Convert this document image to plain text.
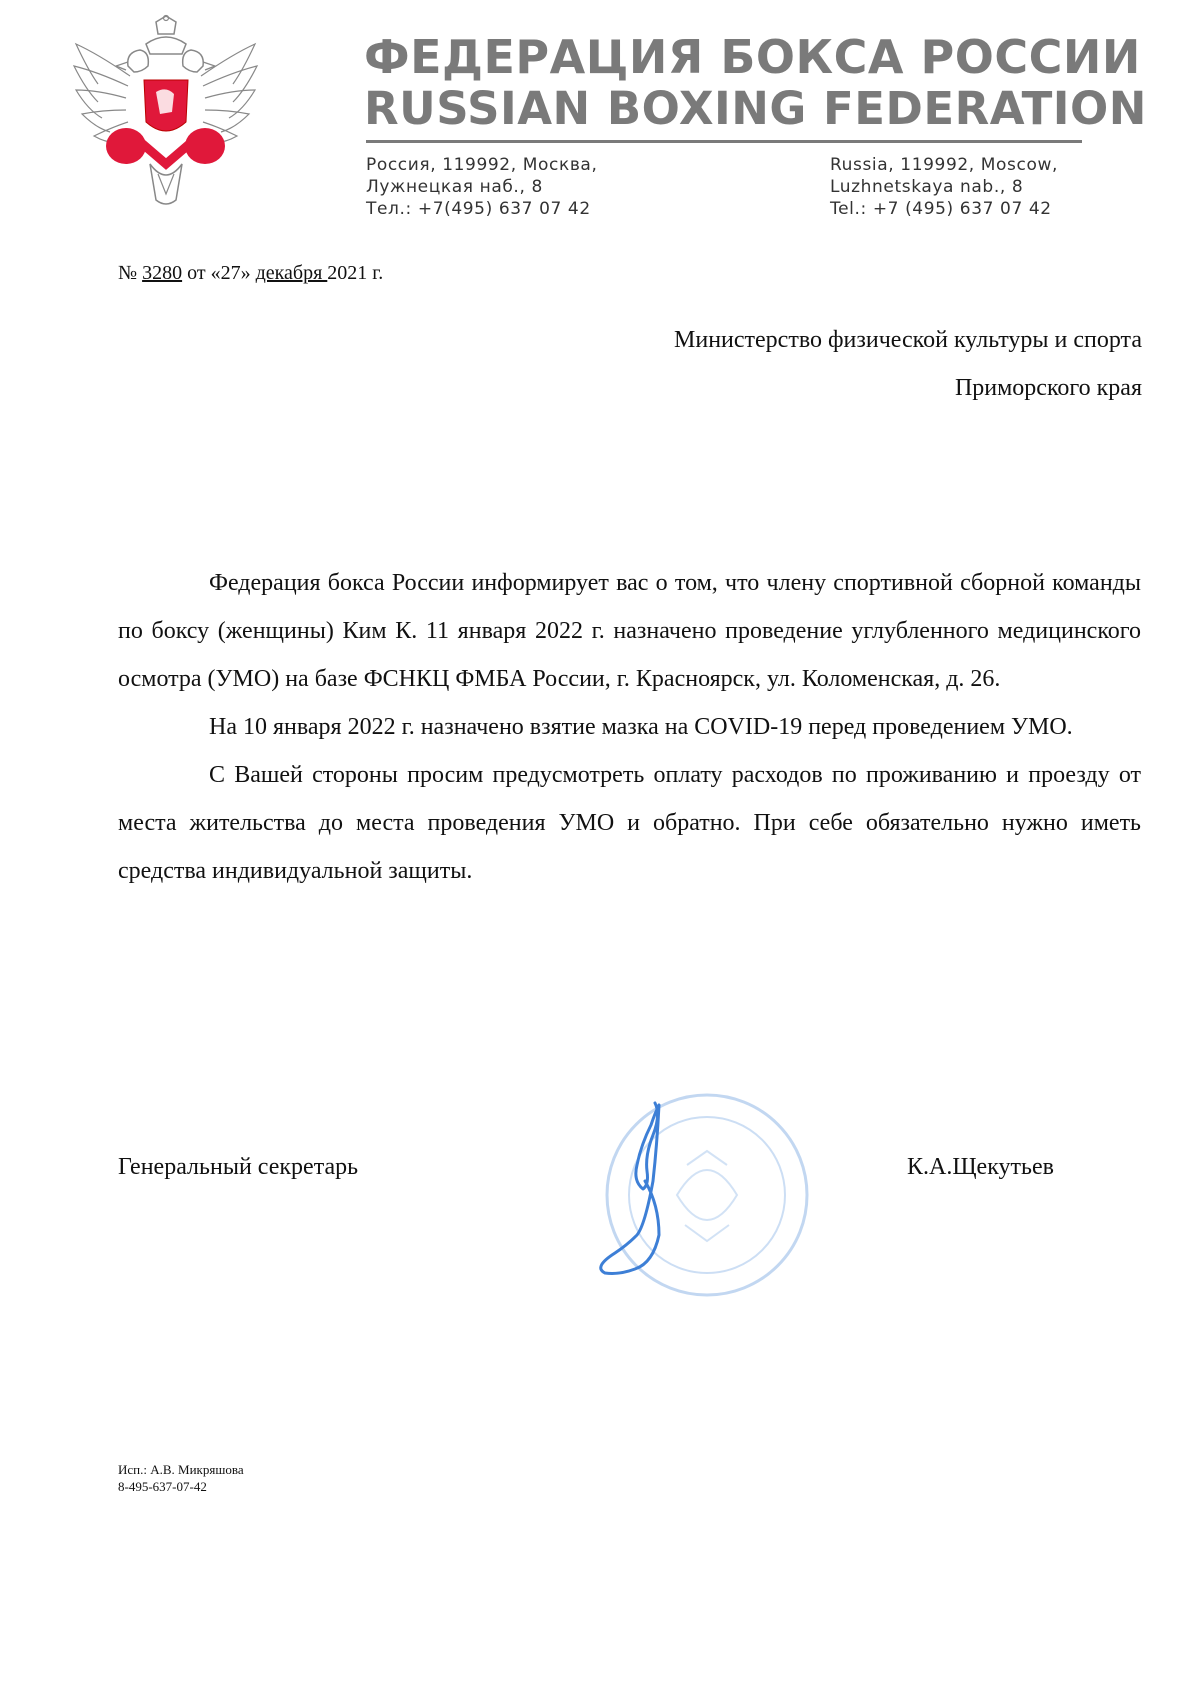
ФЕДЕРАЦИЯ БОКСА РОССИИ
RUSSIAN BOXING FEDERATION
Россия, 119992, Москва,
Лужнецкая наб., 8
Тел.: +7(495) 637 07 42
Russia, 119992, Moscow,
Luzhnetskaya nab., 8
Tel.: +7 (495) 637 07 42
№ 3280 от «27» декабря 2021 г.
Министерство физической культуры и спорта
Приморского края

Федерация бокса России информирует вас о том, что члену спортивной сборной команды по боксу (женщины) Ким К. 11 января 2022 г. назначено проведение углубленного медицинского осмотра (УМО) на базе ФСНКЦ ФМБА России, г. Красноярск, ул. Коломенская, д. 26.

На 10 января 2022 г. назначено взятие мазка на COVID-19 перед проведением УМО.

С Вашей стороны просим предусмотреть оплату расходов по проживанию и проезду от места жительства до места проведения УМО и обратно. При себе обязательно нужно иметь средства индивидуальной защиты.

Генеральный секретарь	К.А.Щекутьев
Исп.: А.В. Микряшова
8-495-637-07-42
